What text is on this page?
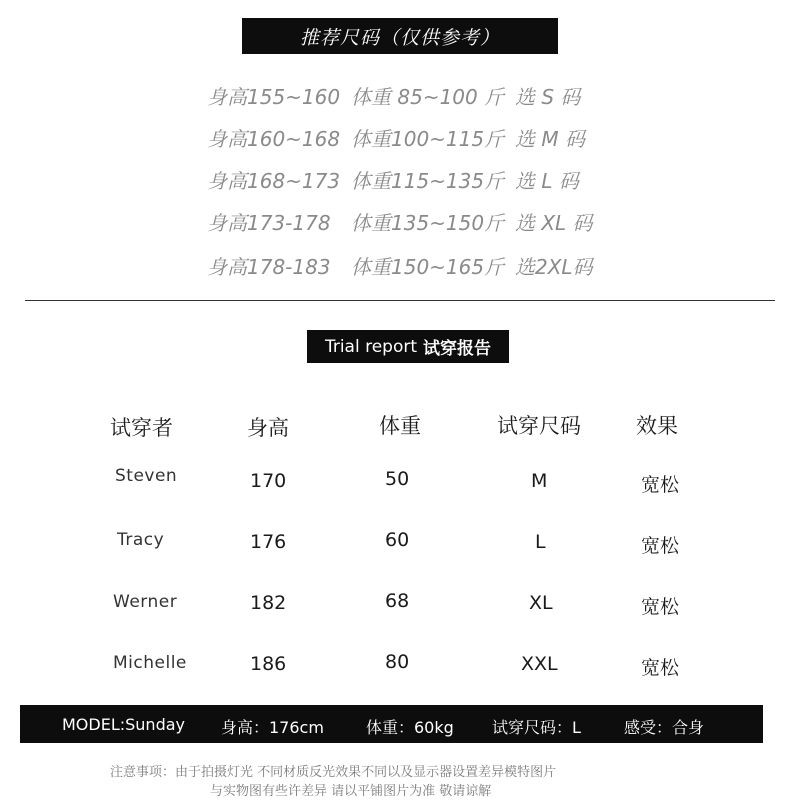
推荐尺码（仅供参考）
身高155~160 体重 85~100 斤 选 S 码
身高160~168 体重100~115斤 选 M 码
身高168~173 体重115~135斤 选 L 码
身高173-178 体重135~150斤 选 XL 码
身高178-183 体重150~165斤 选2XL码
Trial report 试穿报告
试穿者	身高	体重	试穿尺码	效果
Steven	170	50	M	宽松
Tracy	176	60	L	宽松
Werner	182	68	XL	宽松
Michelle	186	80	XXL	宽松
MODEL:Sunday 身高：176cm	体重：60kg 试穿尺码：L	感受：合身
注意事项：由于拍摄灯光 不同材质反光效果不同以及显示器设置差异模特图片
与实物图有些许差异 请以平铺图片为准 敬请谅解
